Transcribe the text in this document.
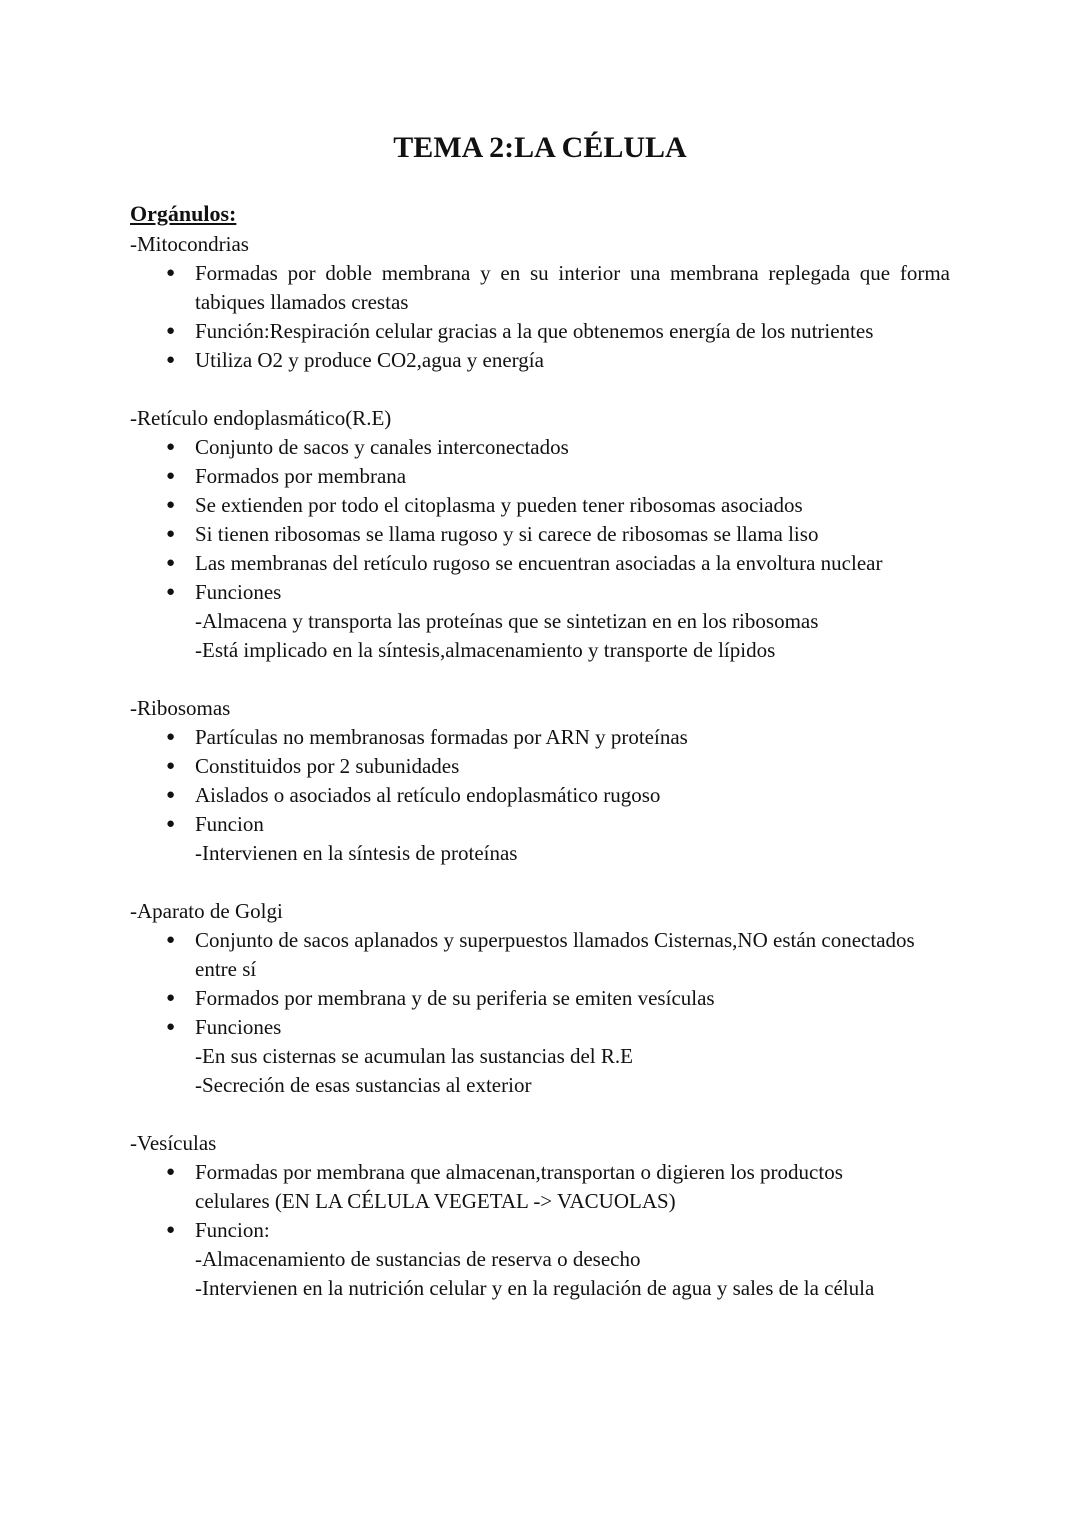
TEMA 2:LA CÉLULA

Orgánulos:

-Mitocondrias

● Formadas por doble membrana y en su interior una membrana replegada que forma tabiques llamados crestas
● Función:Respiración celular gracias a la que obtenemos energía de los nutrientes
● Utiliza O2 y produce CO2,agua y energía

-Retículo endoplasmático(R.E)

● Conjunto de sacos y canales interconectados
● Formados por membrana
● Se extienden por todo el citoplasma y pueden tener ribosomas asociados
● Si tienen ribosomas se llama rugoso y si carece de ribosomas se llama liso
● Las membranas del retículo rugoso se encuentran asociadas a la envoltura nuclear
● Funciones
-Almacena y transporta las proteínas que se sintetizan en en los ribosomas
-Está implicado en la síntesis,almacenamiento y transporte de lípidos

-Ribosomas

● Partículas no membranosas formadas por ARN y proteínas
● Constituidos por 2 subunidades
● Aislados o asociados al retículo endoplasmático rugoso
● Funcion
-Intervienen en la síntesis de proteínas

-Aparato de Golgi

● Conjunto de sacos aplanados y superpuestos llamados Cisternas,NO están conectados entre sí
● Formados por membrana y de su periferia se emiten vesículas
● Funciones
-En sus cisternas se acumulan las sustancias del R.E
-Secreción de esas sustancias al exterior

-Vesículas

● Formadas por membrana que almacenan,transportan o digieren los productos celulares (EN LA CÉLULA VEGETAL -> VACUOLAS)
● Funcion:
-Almacenamiento de sustancias de reserva o desecho
-Intervienen en la nutrición celular y en la regulación de agua y sales de la célula
